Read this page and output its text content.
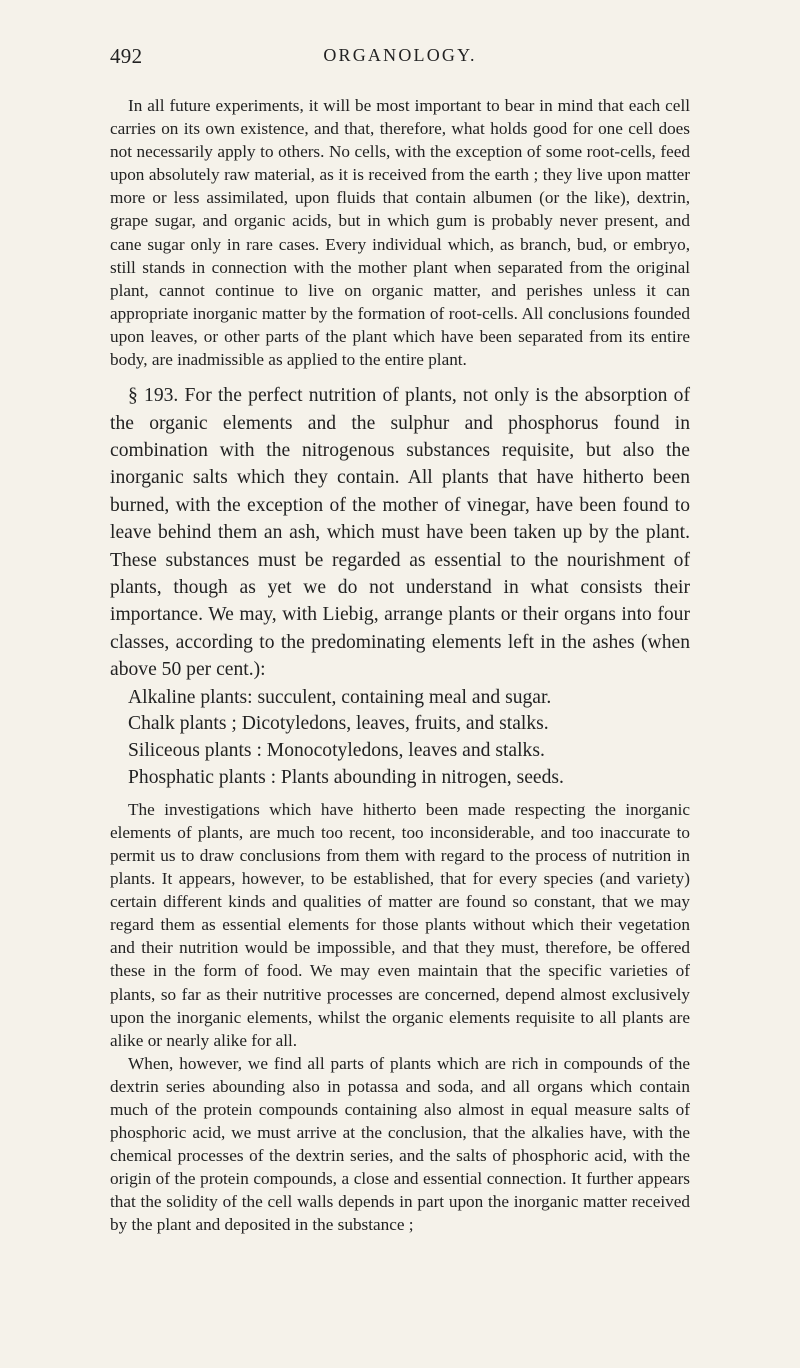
492	ORGANOLOGY.

In all future experiments, it will be most important to bear in mind that each cell carries on its own existence, and that, therefore, what holds good for one cell does not necessarily apply to others. No cells, with the exception of some root-cells, feed upon absolutely raw material, as it is received from the earth ; they live upon matter more or less assimilated, upon fluids that contain albumen (or the like), dextrin, grape sugar, and organic acids, but in which gum is probably never present, and cane sugar only in rare cases. Every individual which, as branch, bud, or embryo, still stands in connection with the mother plant when separated from the original plant, cannot continue to live on organic matter, and perishes unless it can appropriate inorganic matter by the formation of root-cells. All conclusions founded upon leaves, or other parts of the plant which have been separated from its entire body, are inadmissible as applied to the entire plant.

§ 193. For the perfect nutrition of plants, not only is the absorption of the organic elements and the sulphur and phosphorus found in combination with the nitrogenous substances requisite, but also the inorganic salts which they contain. All plants that have hitherto been burned, with the exception of the mother of vinegar, have been found to leave behind them an ash, which must have been taken up by the plant. These substances must be regarded as essential to the nourishment of plants, though as yet we do not understand in what consists their importance. We may, with Liebig, arrange plants or their organs into four classes, according to the predominating elements left in the ashes (when above 50 per cent.):

Alkaline plants: succulent, containing meal and sugar.
Chalk plants ; Dicotyledons, leaves, fruits, and stalks.
Siliceous plants : Monocotyledons, leaves and stalks.
Phosphatic plants : Plants abounding in nitrogen, seeds.

The investigations which have hitherto been made respecting the inorganic elements of plants, are much too recent, too inconsiderable, and too inaccurate to permit us to draw conclusions from them with regard to the process of nutrition in plants. It appears, however, to be established, that for every species (and variety) certain different kinds and qualities of matter are found so constant, that we may regard them as essential elements for those plants without which their vegetation and their nutrition would be impossible, and that they must, therefore, be offered these in the form of food. We may even maintain that the specific varieties of plants, so far as their nutritive processes are concerned, depend almost exclusively upon the inorganic elements, whilst the organic elements requisite to all plants are alike or nearly alike for all.

When, however, we find all parts of plants which are rich in compounds of the dextrin series abounding also in potassa and soda, and all organs which contain much of the protein compounds containing also almost in equal measure salts of phosphoric acid, we must arrive at the conclusion, that the alkalies have, with the chemical processes of the dextrin series, and the salts of phosphoric acid, with the origin of the protein compounds, a close and essential connection. It further appears that the solidity of the cell walls depends in part upon the inorganic matter received by the plant and deposited in the substance ;
